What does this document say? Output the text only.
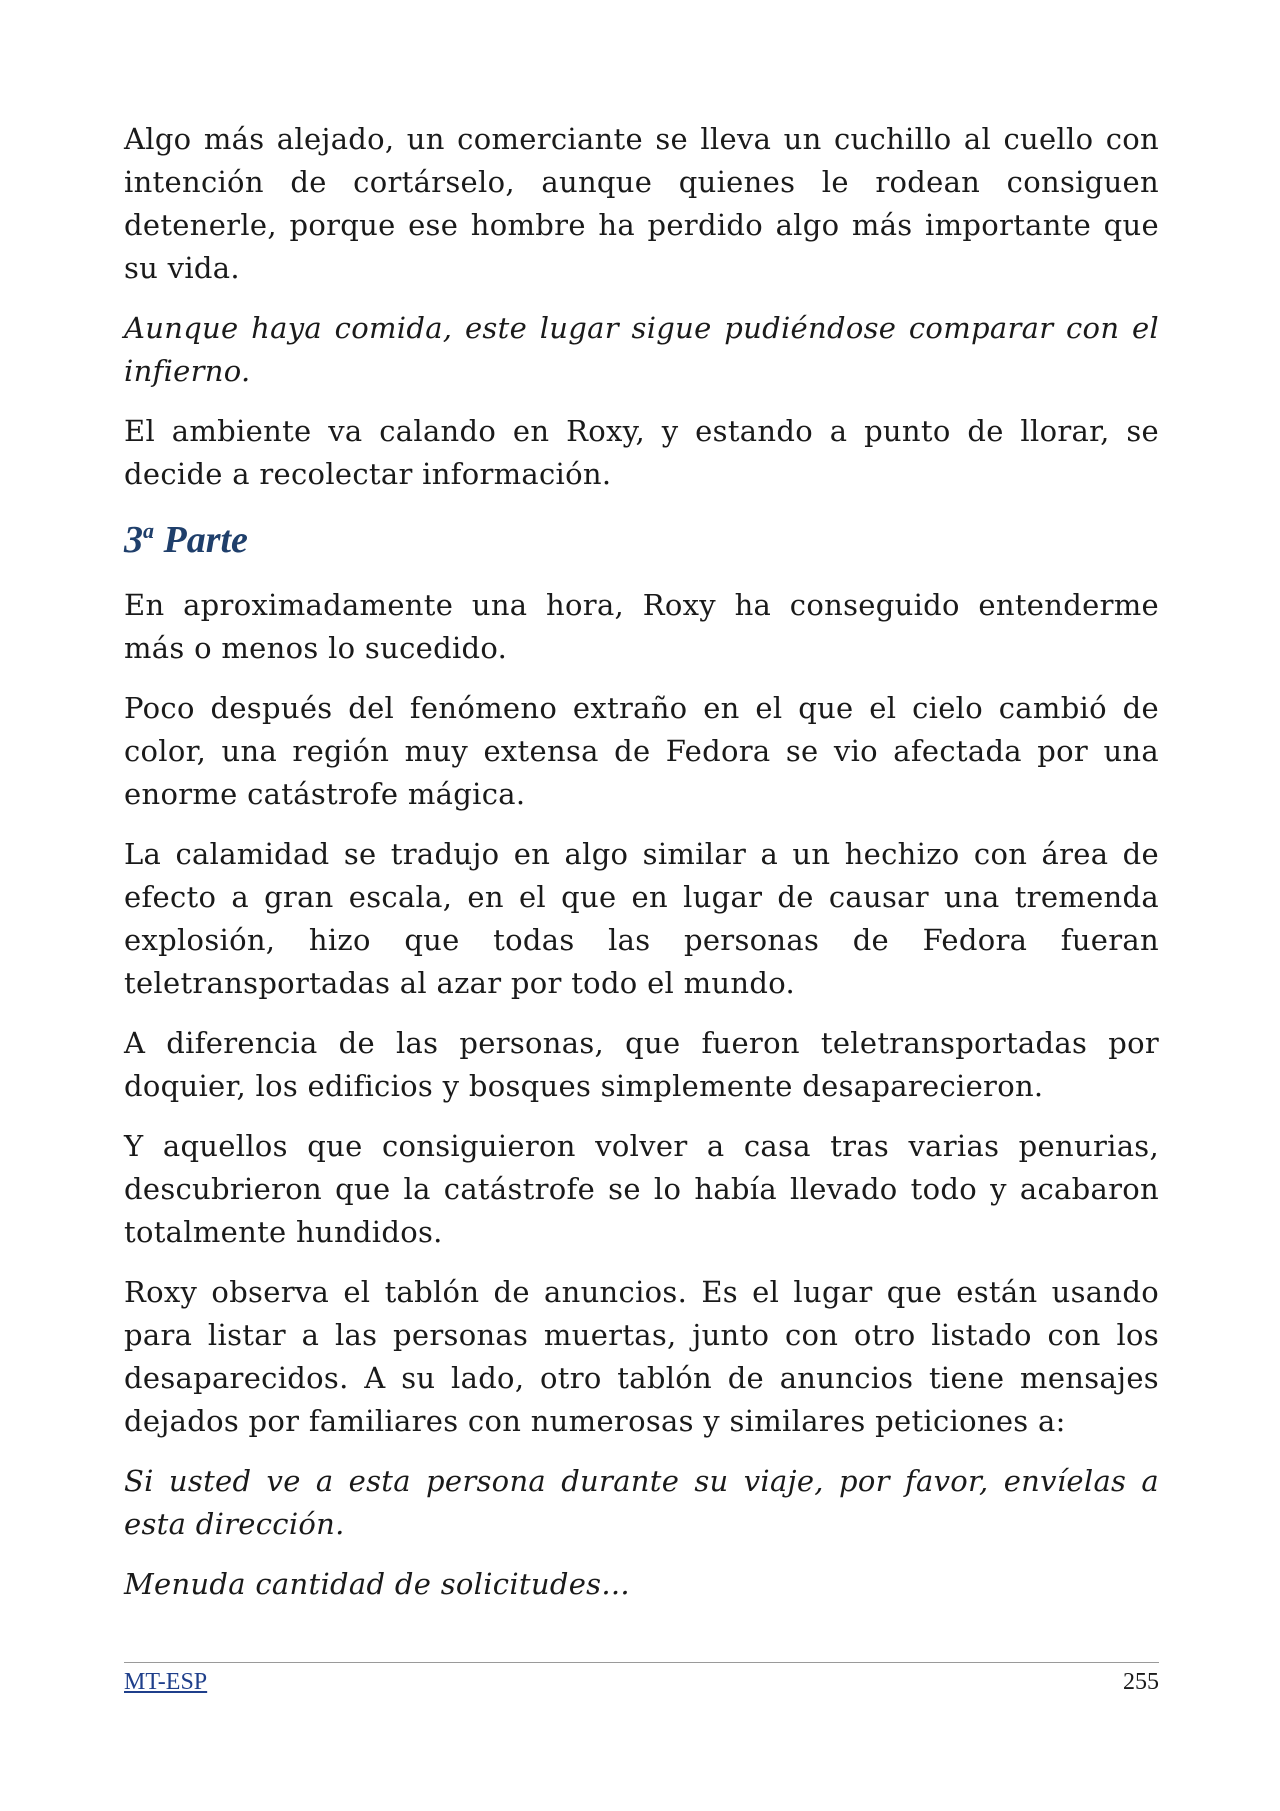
Algo más alejado, un comerciante se lleva un cuchillo al cuello con intención de cortárselo, aunque quienes le rodean consiguen detenerle, porque ese hombre ha perdido algo más importante que su vida.

Aunque haya comida, este lugar sigue pudiéndose comparar con el infierno.

El ambiente va calando en Roxy, y estando a punto de llorar, se decide a recolectar información.

3$^a$ Parte

En aproximadamente una hora, Roxy ha conseguido entenderme más o menos lo sucedido.

Poco después del fenómeno extraño en el que el cielo cambió de color, una región muy extensa de Fedora se vio afectada por una enorme catástrofe mágica.

La calamidad se tradujo en algo similar a un hechizo con área de efecto a gran escala, en el que en lugar de causar una tremenda explosión, hizo que todas las personas de Fedora fueran teletransportadas al azar por todo el mundo.

A diferencia de las personas, que fueron teletransportadas por doquier, los edificios y bosques simplemente desaparecieron.

Y aquellos que consiguieron volver a casa tras varias penurias, descubrieron que la catástrofe se lo había llevado todo y acabaron totalmente hundidos.

Roxy observa el tablón de anuncios. Es el lugar que están usando para listar a las personas muertas, junto con otro listado con los desaparecidos. A su lado, otro tablón de anuncios tiene mensajes dejados por familiares con numerosas y similares peticiones a:

Si usted ve a esta persona durante su viaje, por favor, envíelas a esta dirección.

Menuda cantidad de solicitudes...

MT-ESP	255
